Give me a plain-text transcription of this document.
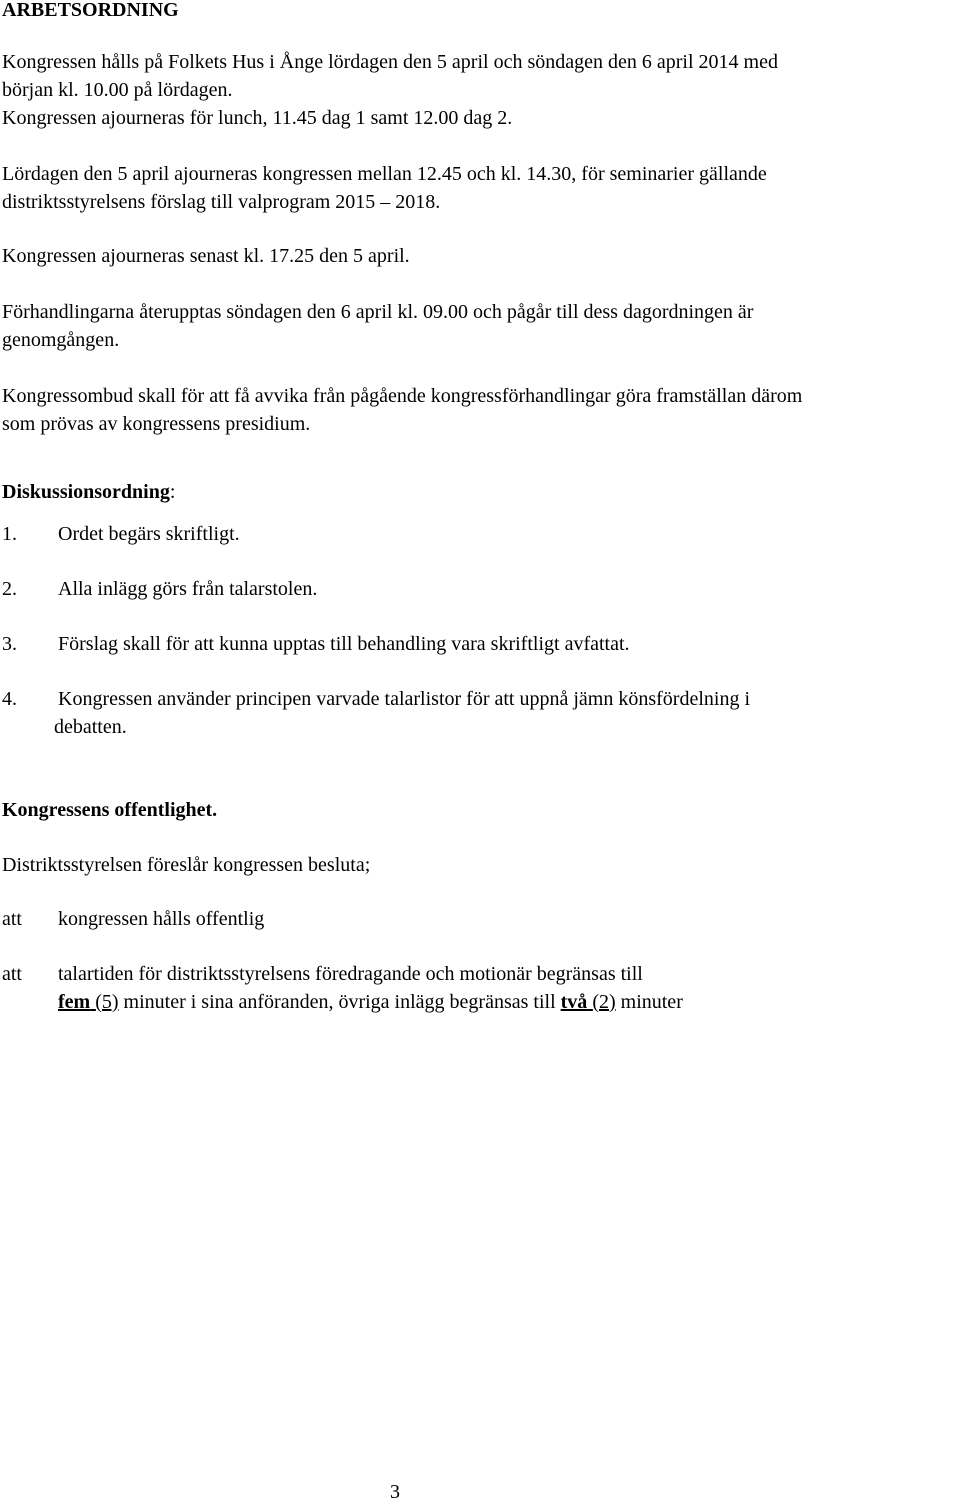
ARBETSORDNING
Kongressen hålls på Folkets Hus i Ånge lördagen den 5 april och söndagen den 6 april 2014 med
början kl. 10.00 på lördagen.
Kongressen ajourneras för lunch, 11.45 dag 1 samt 12.00 dag 2.
Lördagen den 5 april ajourneras kongressen mellan 12.45 och kl. 14.30, för seminarier gällande
distriktsstyrelsens förslag till valprogram 2015 – 2018.
Kongressen ajourneras senast kl. 17.25 den 5 april.
Förhandlingarna återupptas söndagen den 6 april kl. 09.00 och pågår till dess dagordningen är
genomgången.
Kongressombud skall för att få avvika från pågående kongressförhandlingar göra framställan därom
som prövas av kongressens presidium.
Diskussionsordning:
1. Ordet begärs skriftligt.
2. Alla inlägg görs från talarstolen.
3. Förslag skall för att kunna upptas till behandling vara skriftligt avfattat.
4. Kongressen använder principen varvade talarlistor för att uppnå jämn könsfördelning i
debatten.
Kongressens offentlighet.
Distriktsstyrelsen föreslår kongressen besluta;
att kongressen hålls offentlig
att talartiden för distriktsstyrelsens föredragande och motionär begränsas till
fem (5) minuter i sina anföranden, övriga inlägg begränsas till två (2) minuter
3
